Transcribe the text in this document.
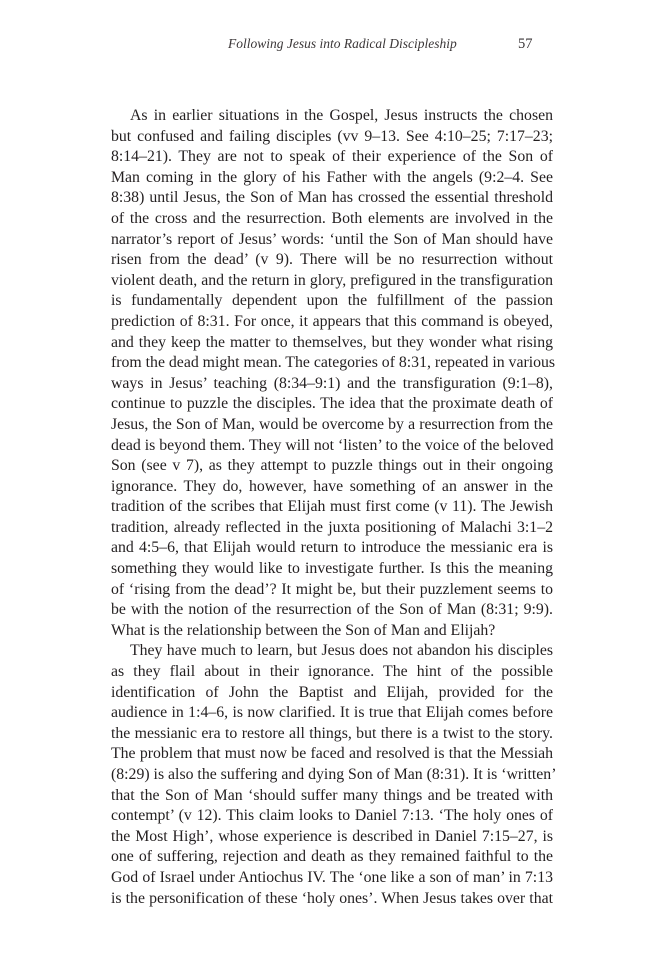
Following Jesus into Radical Discipleship	57
As in earlier situations in the Gospel, Jesus instructs the chosen
but confused and failing disciples (vv 9–13. See 4:10–25; 7:17–23;
8:14–21). They are not to speak of their experience of the Son of
Man coming in the glory of his Father with the angels (9:2–4. See
8:38) until Jesus, the Son of Man has crossed the essential threshold
of the cross and the resurrection. Both elements are involved in the
narrator’s report of Jesus’ words: ‘until the Son of Man should have
risen from the dead’ (v 9). There will be no resurrection without
violent death, and the return in glory, prefigured in the transfiguration
is fundamentally dependent upon the fulfillment of the passion
prediction of 8:31. For once, it appears that this command is obeyed,
and they keep the matter to themselves, but they wonder what rising
from the dead might mean. The categories of 8:31, repeated in various
ways in Jesus’ teaching (8:34–9:1) and the transfiguration (9:1–8),
continue to puzzle the disciples. The idea that the proximate death of
Jesus, the Son of Man, would be overcome by a resurrection from the
dead is beyond them. They will not ‘listen’ to the voice of the beloved
Son (see v 7), as they attempt to puzzle things out in their ongoing
ignorance. They do, however, have something of an answer in the
tradition of the scribes that Elijah must first come (v 11). The Jewish
tradition, already reflected in the juxta positioning of Malachi 3:1–2
and 4:5–6, that Elijah would return to introduce the messianic era is
something they would like to investigate further. Is this the meaning
of ‘rising from the dead’? It might be, but their puzzlement seems to
be with the notion of the resurrection of the Son of Man (8:31; 9:9).
What is the relationship between the Son of Man and Elijah?
They have much to learn, but Jesus does not abandon his disciples
as they flail about in their ignorance. The hint of the possible
identification of John the Baptist and Elijah, provided for the
audience in 1:4–6, is now clarified. It is true that Elijah comes before
the messianic era to restore all things, but there is a twist to the story.
The problem that must now be faced and resolved is that the Messiah
(8:29) is also the suffering and dying Son of Man (8:31). It is ‘written’
that the Son of Man ‘should suffer many things and be treated with
contempt’ (v 12). This claim looks to Daniel 7:13. ‘The holy ones of
the Most High’, whose experience is described in Daniel 7:15–27, is
one of suffering, rejection and death as they remained faithful to the
God of Israel under Antiochus IV. The ‘one like a son of man’ in 7:13
is the personification of these ‘holy ones’. When Jesus takes over that
